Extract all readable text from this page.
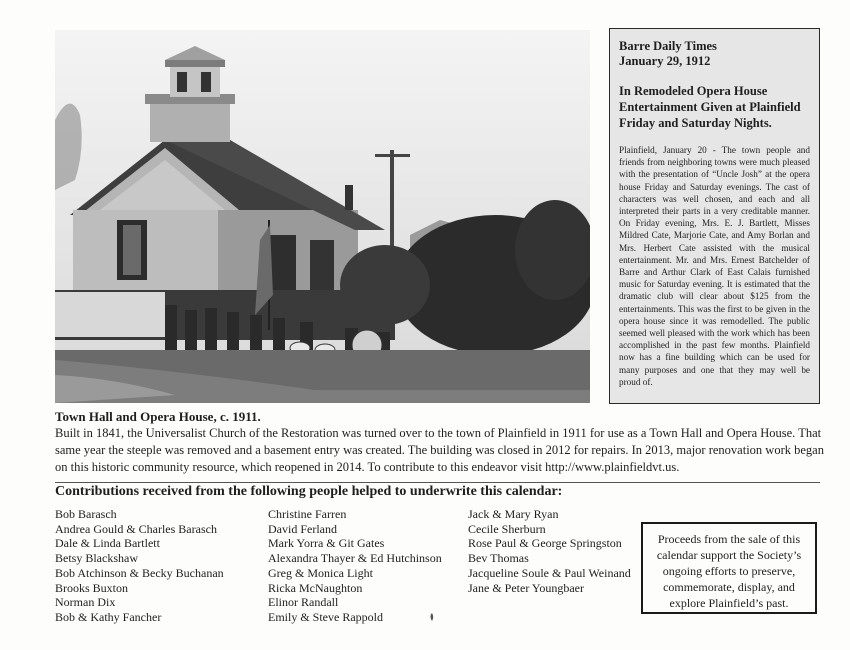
Barre Daily Times
January 29, 1912
In Remodeled Opera House Entertainment Given at Plainfield Friday and Saturday Nights.
Plainfield, January 20 - The town people and friends from neighboring towns were much pleased with the presentation of “Uncle Josh” at the opera house Friday and Saturday evenings. The cast of characters was well chosen, and each and all interpreted their parts in a very creditable manner. On Friday evening, Mrs. E. J. Bartlett, Misses Mildred Cate, Marjorie Cate, and Amy Borlan and Mrs. Herbert Cate assisted with the musical entertainment. Mr. and Mrs. Ernest Batchelder of Barre and Arthur Clark of East Calais furnished music for Saturday evening. It is estimated that the dramatic club will clear about $125 from the entertainments. This was the first to be given in the opera house since it was remodelled. The public seemed well pleased with the work which has been accomplished in the past few months. Plainfield now has a fine building which can be used for many purposes and one that they may well be proud of.
Town Hall and Opera House, c. 1911.
Built in 1841, the Universalist Church of the Restoration was turned over to the town of Plainfield in 1911 for use as a Town Hall and Opera House. That same year the steeple was removed and a basement entry was created. The building was closed in 2012 for repairs. In 2013, major renovation work began on this historic community resource, which reopened in 2014. To contribute to this endeavor visit http://www.plainfieldvt.us.
Contributions received from the following people helped to underwrite this calendar:
Bob Barasch
Andrea Gould & Charles Barasch
Dale & Linda Bartlett
Betsy Blackshaw
Bob Atchinson & Becky Buchanan
Brooks Buxton
Norman Dix
Bob & Kathy Fancher
Christine Farren
David Ferland
Mark Yorra & Git Gates
Alexandra Thayer & Ed Hutchinson
Greg & Monica Light
Ricka McNaughton
Elinor Randall
Emily & Steve Rappold
Jack & Mary Ryan
Cecile Sherburn
Rose Paul & George Springston
Bev Thomas
Jacqueline Soule & Paul Weinand
Jane & Peter Youngbaer
Proceeds from the sale of this calendar support the Society’s ongoing efforts to preserve, commemorate, display, and explore Plainfield’s past.
